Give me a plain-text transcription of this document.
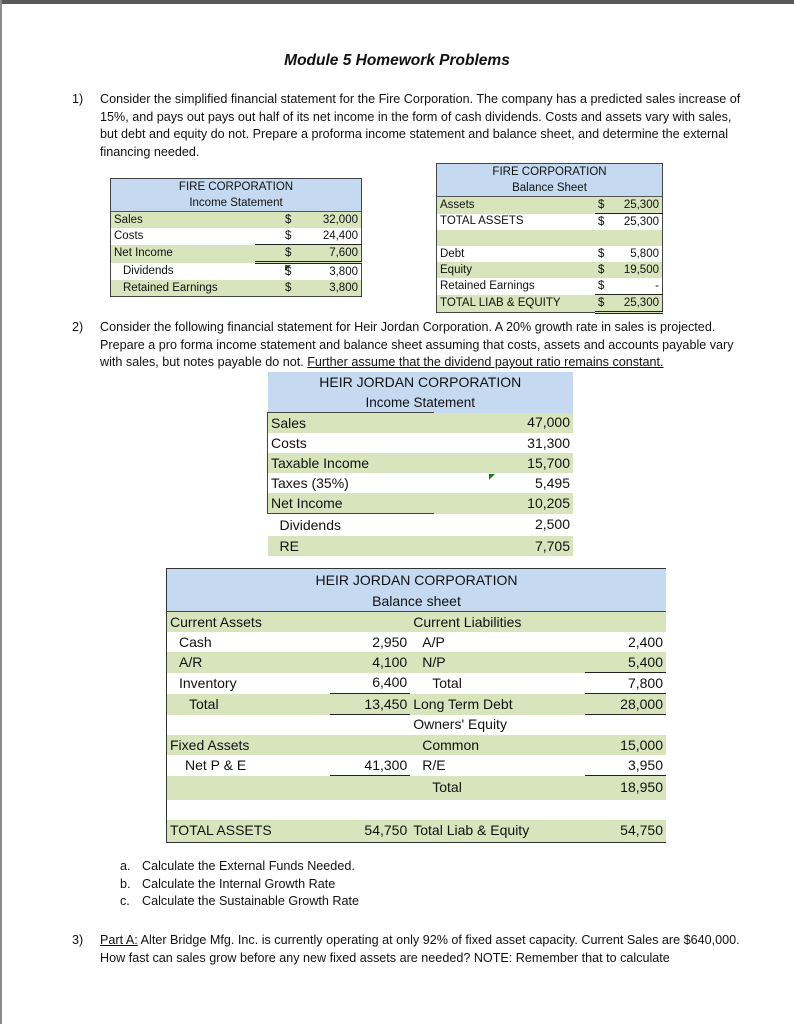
Module 5 Homework Problems
1) Consider the simplified financial statement for the Fire Corporation. The company has a predicted sales increase of 15%, and pays out pays out half of its net income in the form of cash dividends. Costs and assets vary with sales, but debt and equity do not. Prepare a proforma income statement and balance sheet, and determine the external financing needed.
FIRE CORPORATION		
Income Statement		
Sales	$	32,000
Costs	$	24,400
Net Income	$	7,600
Dividends	$	3,800
Retained Earnings	$	3,800
FIRE CORPORATION		
Balance Sheet		
Assets	$	25,300
TOTAL ASSETS	$	25,300

Debt	$	5,800
Equity	$	19,500
Retained Earnings	$	-
TOTAL LIAB & EQUITY	$	25,300
2) Consider the following financial statement for Heir Jordan Corporation. A 20% growth rate in sales is projected. Prepare a pro forma income statement and balance sheet assuming that costs, assets and accounts payable vary with sales, but notes payable do not. Further assume that the dividend payout ratio remains constant.
HEIR JORDAN CORPORATION	
Income Statement	
Sales	47,000
Costs	31,300
Taxable Income	15,700
Taxes (35%)	5,495
Net Income	10,205
Dividends	2,500
RE	7,705
HEIR JORDAN CORPORATION			
Balance sheet			
Current Assets		Current Liabilities	
Cash	2,950	A/P	2,400
A/R	4,100	N/P	5,400
Inventory	6,400	Total	7,800
Total	13,450	Long Term Debt	28,000
		Owners' Equity	
Fixed Assets		Common	15,000
Net P & E	41,300	R/E	3,950
		Total	18,950

TOTAL ASSETS	54,750	Total Liab & Equity	54,750
a. Calculate the External Funds Needed.
b. Calculate the Internal Growth Rate
c. Calculate the Sustainable Growth Rate
3) Part A: Alter Bridge Mfg. Inc. is currently operating at only 92% of fixed asset capacity. Current Sales are $640,000. How fast can sales grow before any new fixed assets are needed? NOTE: Remember that to calculate
